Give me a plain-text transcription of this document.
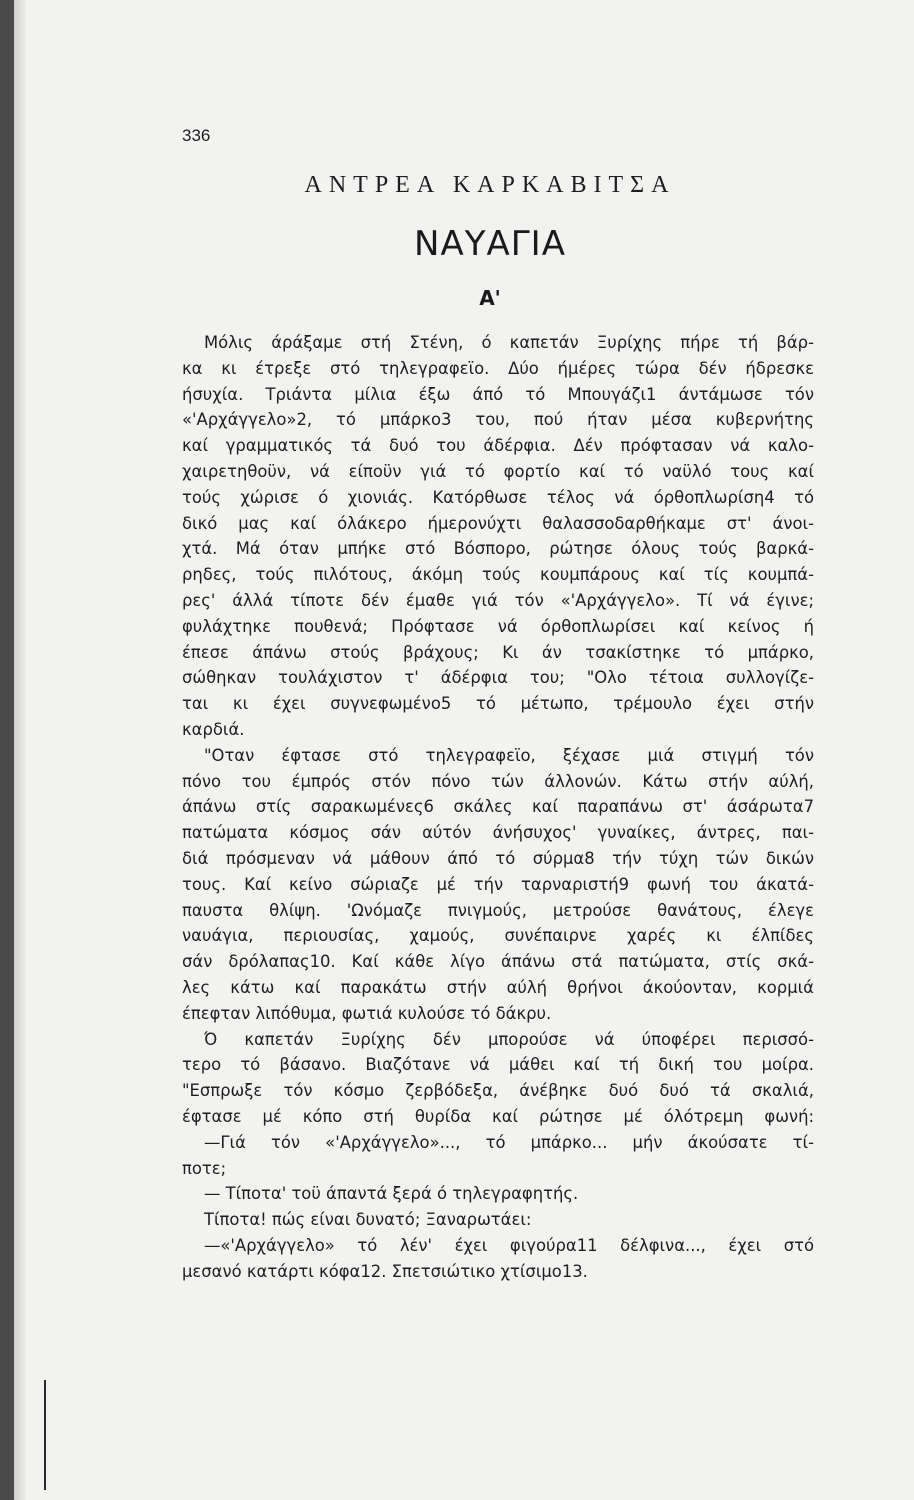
336
ΑΝΤΡΕΑ ΚΑΡΚΑΒΙΤΣΑ
ΝΑΥΑΓΙΑ
Α'
Μόλις άράξαμε στή Στένη, ό καπετάν Ξυρίχης πήρε τή βάρ-
κα κι έτρεξε στό τηλεγραφεϊο. Δύο ήμέρες τώρα δέν ήδρεσκε
ήσυχία. Τριάντα μίλια έξω άπό τό Μπουγάζι1 άντάμωσε τόν
«'Αρχάγγελο»2, τό μπάρκο3 του, πού ήταν μέσα κυβερνήτης
καί γραμματικός τά δυό του άδέρφια. Δέν πρόφτασαν νά καλο-
χαιρετηθοϋν, νά είποϋν γιά τό φορτίο καί τό ναϋλό τους καί
τούς χώρισε ό χιονιάς. Κατόρθωσε τέλος νά όρθοπλωρίση4 τό
δικό μας καί όλάκερο ήμερονύχτι θαλασσοδαρθήκαμε στ' άνοι-
χτά. Μά όταν μπήκε στό Βόσπορο, ρώτησε όλους τούς βαρκά-
ρηδες, τούς πιλότους, άκόμη τούς κουμπάρους καί τίς κουμπά-
ρες' άλλά τίποτε δέν έμαθε γιά τόν «'Αρχάγγελο». Τί νά έγινε;
φυλάχτηκε πουθενά; Πρόφτασε νά όρθοπλωρίσει καί κείνος ή
έπεσε άπάνω στούς βράχους; Κι άν τσακίστηκε τό μπάρκο,
σώθηκαν τουλάχιστον τ' άδέρφια του; "Ολο τέτοια συλλογίζε-
ται κι έχει συγνεφωμένο5 τό μέτωπο, τρέμουλο έχει στήν
καρδιά.
"Οταν έφτασε στό τηλεγραφεϊο, ξέχασε μιά στιγμή τόν
πόνο του έμπρός στόν πόνο τών άλλονών. Κάτω στήν αύλή,
άπάνω στίς σαρακωμένες6 σκάλες καί παραπάνω στ' άσάρωτα7
πατώματα κόσμος σάν αύτόν άνήσυχος' γυναίκες, άντρες, παι-
διά πρόσμεναν νά μάθουν άπό τό σύρμα8 τήν τύχη τών δικών
τους. Καί κείνο σώριαζε μέ τήν ταρναριστή9 φωνή του άκατά-
παυστα θλίψη. 'Ωνόμαζε πνιγμούς, μετρούσε θανάτους, έλεγε
ναυάγια, περιουσίας, χαμούς, συνέπαιρνε χαρές κι έλπίδες
σάν δρόλαπας10. Καί κάθε λίγο άπάνω στά πατώματα, στίς σκά-
λες κάτω καί παρακάτω στήν αύλή θρήνοι άκούονταν, κορμιά
έπεφταν λιπόθυμα, φωτιά κυλούσε τό δάκρυ.
Ό καπετάν Ξυρίχης δέν μπορούσε νά ύποφέρει περισσό-
τερο τό βάσανο. Βιαζότανε νά μάθει καί τή δική του μοίρα.
"Εσπρωξε τόν κόσμο ζερβόδεξα, άνέβηκε δυό δυό τά σκαλιά,
έφτασε μέ κόπο στή θυρίδα καί ρώτησε μέ όλότρεμη φωνή:
—Γιά τόν «'Αρχάγγελο»..., τό μπάρκο... μήν άκούσατε τί-
ποτε;
— Τίποτα' τοϋ άπαντά ξερά ό τηλεγραφητής.
Τίποτα! πώς είναι δυνατό; Ξαναρωτάει:
—«'Αρχάγγελο» τό λέν' έχει φιγούρα11 δέλφινα..., έχει στό
μεσανό κατάρτι κόφα12. Σπετσιώτικο χτίσιμο13.
